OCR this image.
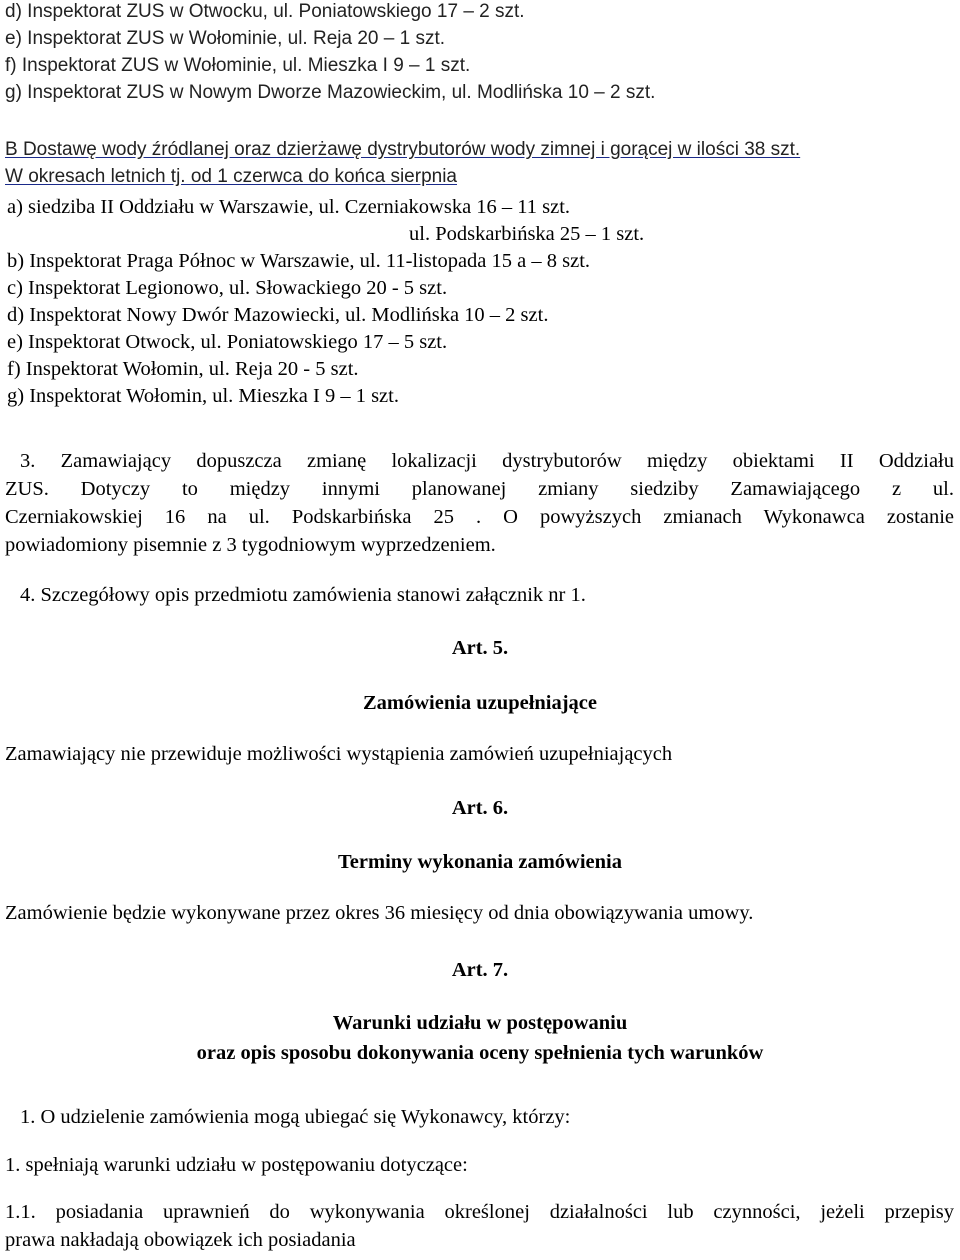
d) Inspektorat ZUS w Otwocku, ul. Poniatowskiego 17 – 2 szt.
e) Inspektorat ZUS w Wołominie, ul. Reja 20 – 1 szt.
f) Inspektorat ZUS w Wołominie, ul. Mieszka I 9 – 1 szt.
g) Inspektorat ZUS w Nowym Dworze Mazowieckim, ul. Modlińska 10 – 2 szt.
B Dostawę wody źródlanej oraz dzierżawę dystrybutorów wody zimnej i gorącej w ilości 38 szt.
W okresach letnich tj. od 1 czerwca do końca sierpnia
a) siedziba II Oddziału w Warszawie, ul. Czerniakowska 16 – 11 szt.
ul. Podskarbińska 25 – 1 szt.
b) Inspektorat Praga Północ w Warszawie, ul. 11-listopada 15 a – 8 szt.
c) Inspektorat Legionowo, ul. Słowackiego 20 - 5 szt.
d) Inspektorat Nowy Dwór Mazowiecki, ul. Modlińska 10 – 2 szt.
e) Inspektorat Otwock, ul. Poniatowskiego 17 – 5 szt.
f) Inspektorat Wołomin, ul. Reja 20 - 5 szt.
g) Inspektorat Wołomin, ul. Mieszka I 9 – 1 szt.
3. Zamawiający dopuszcza zmianę lokalizacji dystrybutorów między obiektami II Oddziału
ZUS. Dotyczy to między innymi planowanej zmiany siedziby Zamawiającego z ul.
Czerniakowskiej 16 na ul. Podskarbińska 25 . O powyższych zmianach Wykonawca zostanie
powiadomiony pisemnie z 3 tygodniowym wyprzedzeniem.
4. Szczegółowy opis przedmiotu zamówienia stanowi załącznik nr 1.
Art. 5.
Zamówienia uzupełniające
Zamawiający nie przewiduje możliwości wystąpienia zamówień uzupełniających
Art. 6.
Terminy wykonania zamówienia
Zamówienie będzie wykonywane przez okres 36 miesięcy od dnia obowiązywania umowy.
Art. 7.
Warunki udziału w postępowaniu
oraz opis sposobu dokonywania oceny spełnienia tych warunków
1. O udzielenie zamówienia mogą ubiegać się Wykonawcy, którzy:
1. spełniają warunki udziału w postępowaniu dotyczące:
1.1. posiadania uprawnień do wykonywania określonej działalności lub czynności, jeżeli przepisy
prawa nakładają obowiązek ich posiadania
